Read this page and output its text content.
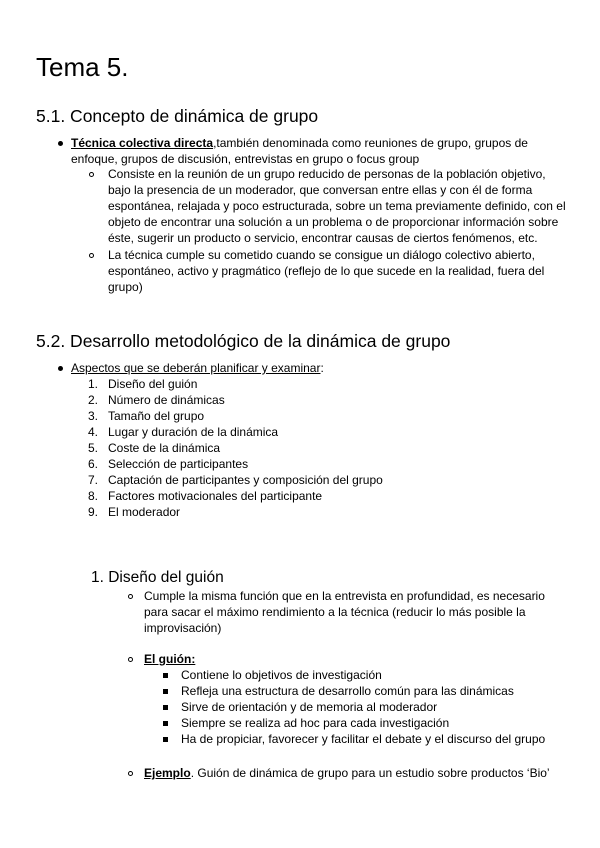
Tema 5.
5.1. Concepto de dinámica de grupo
Técnica colectiva directa,también denominada como reuniones de grupo, grupos de
enfoque, grupos de discusión, entrevistas en grupo o focus group
Consiste en la reunión de un grupo reducido de personas de la población objetivo,
bajo la presencia de un moderador, que conversan entre ellas y con él de forma
espontánea, relajada y poco estructurada, sobre un tema previamente definido, con el
objeto de encontrar una solución a un problema o de proporcionar información sobre
éste, sugerir un producto o servicio, encontrar causas de ciertos fenómenos, etc.
La técnica cumple su cometido cuando se consigue un diálogo colectivo abierto,
espontáneo, activo y pragmático (reflejo de lo que sucede en la realidad, fuera del
grupo)
5.2. Desarrollo metodológico de la dinámica de grupo
Aspectos que se deberán planificar y examinar:
1. Diseño del guión
2. Número de dinámicas
3. Tamaño del grupo
4. Lugar y duración de la dinámica
5. Coste de la dinámica
6. Selección de participantes
7. Captación de participantes y composición del grupo
8. Factores motivacionales del participante
9. El moderador
1. Diseño del guión
Cumple la misma función que en la entrevista en profundidad, es necesario
para sacar el máximo rendimiento a la técnica (reducir lo más posible la
improvisación)
El guión:
Contiene lo objetivos de investigación
Refleja una estructura de desarrollo común para las dinámicas
Sirve de orientación y de memoria al moderador
Siempre se realiza ad hoc para cada investigación
Ha de propiciar, favorecer y facilitar el debate y el discurso del grupo
Ejemplo. Guión de dinámica de grupo para un estudio sobre productos ‘Bio’
